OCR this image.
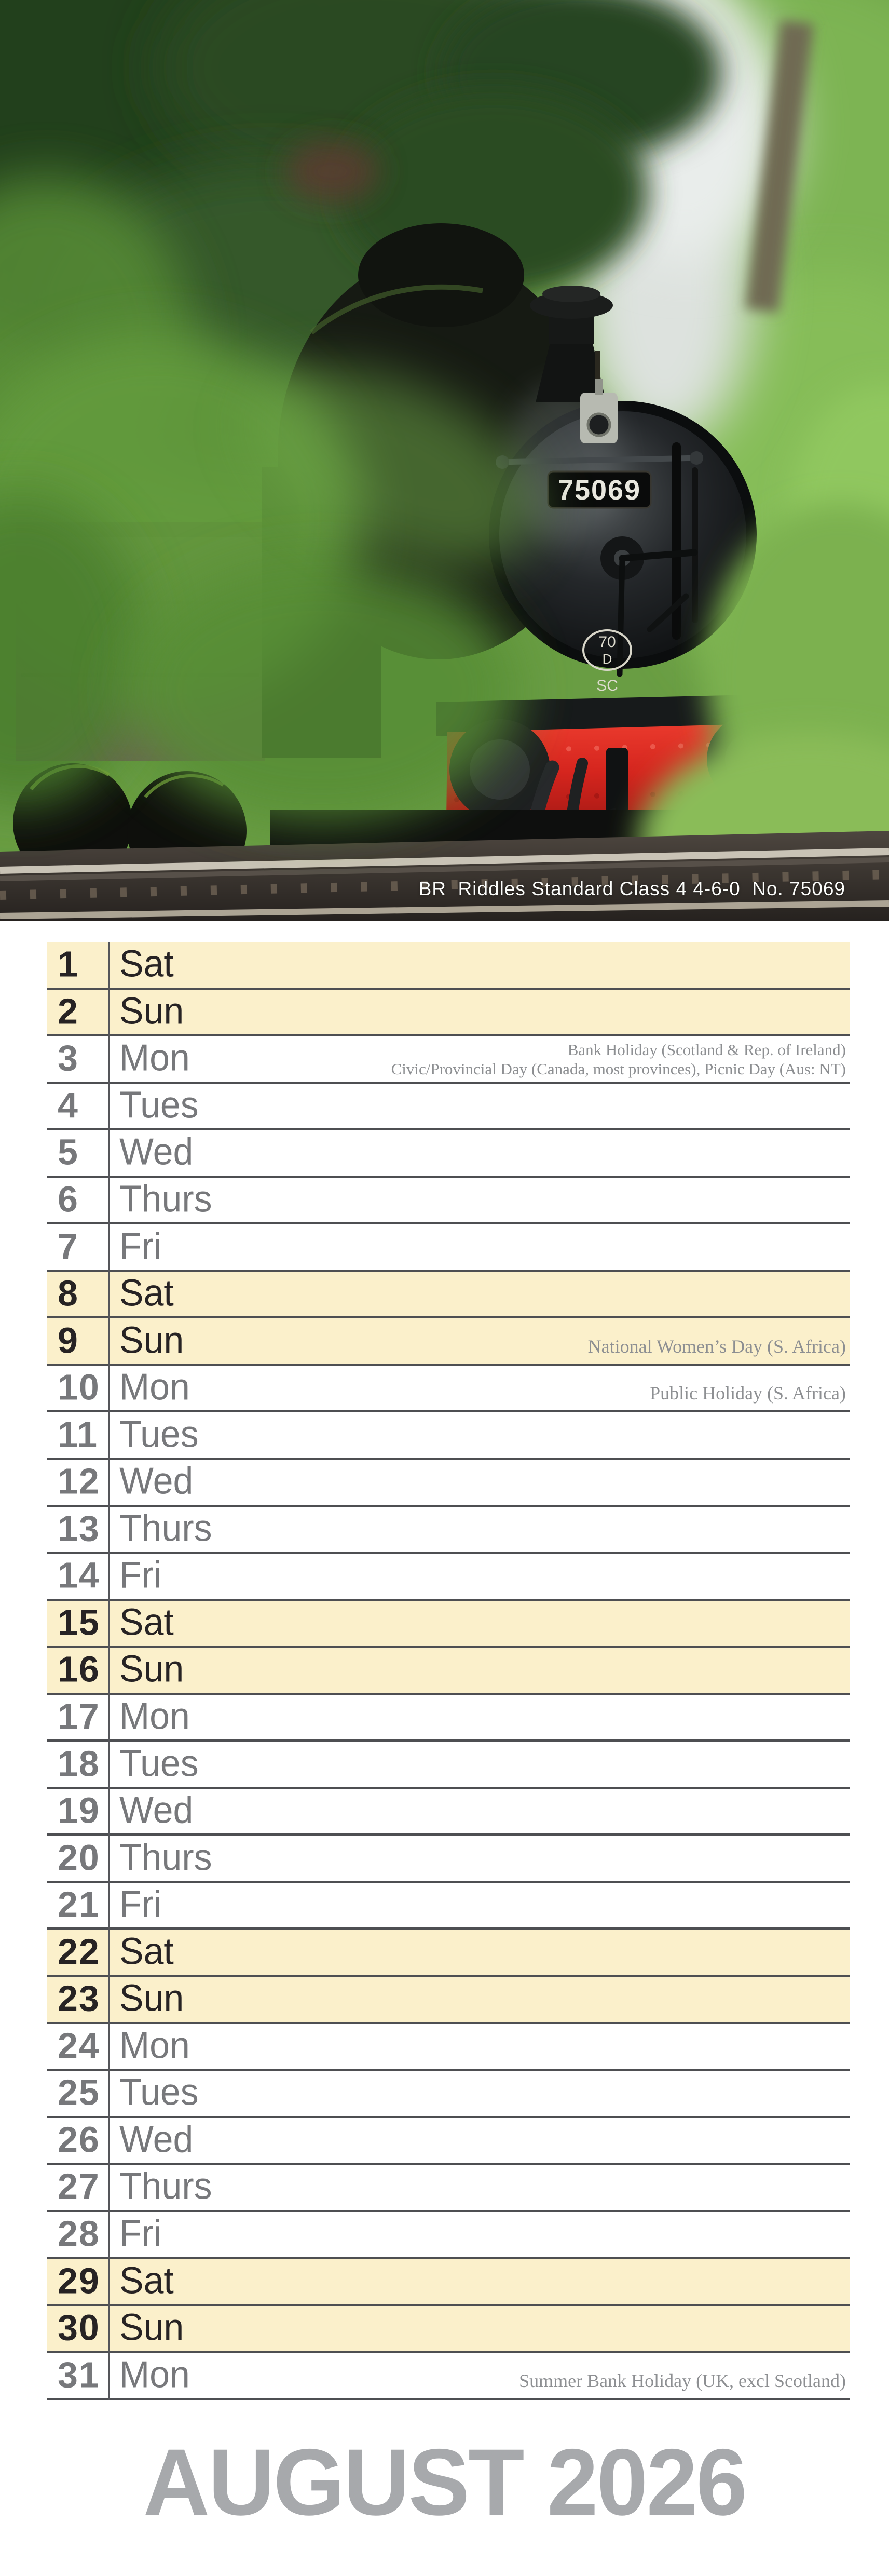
75069
70
D
SC
BR  Riddles Standard Class 4 4-6-0  No. 75069
1 Sat
2 Sun
3 Mon	Bank Holiday (Scotland & Rep. of Ireland)
Civic/Provincial Day (Canada, most provinces), Picnic Day (Aus: NT)
4 Tues
5 Wed
6 Thurs
7 Fri
8 Sat
9 Sun	National Women’s Day (S. Africa)
10 Mon	Public Holiday (S. Africa)
11 Tues
12 Wed
13 Thurs
14 Fri
15 Sat
16 Sun
17 Mon
18 Tues
19 Wed
20 Thurs
21 Fri
22 Sat
23 Sun
24 Mon
25 Tues
26 Wed
27 Thurs
28 Fri
29 Sat
30 Sun
31 Mon	Summer Bank Holiday (UK, excl Scotland)
AUGUST 2026
